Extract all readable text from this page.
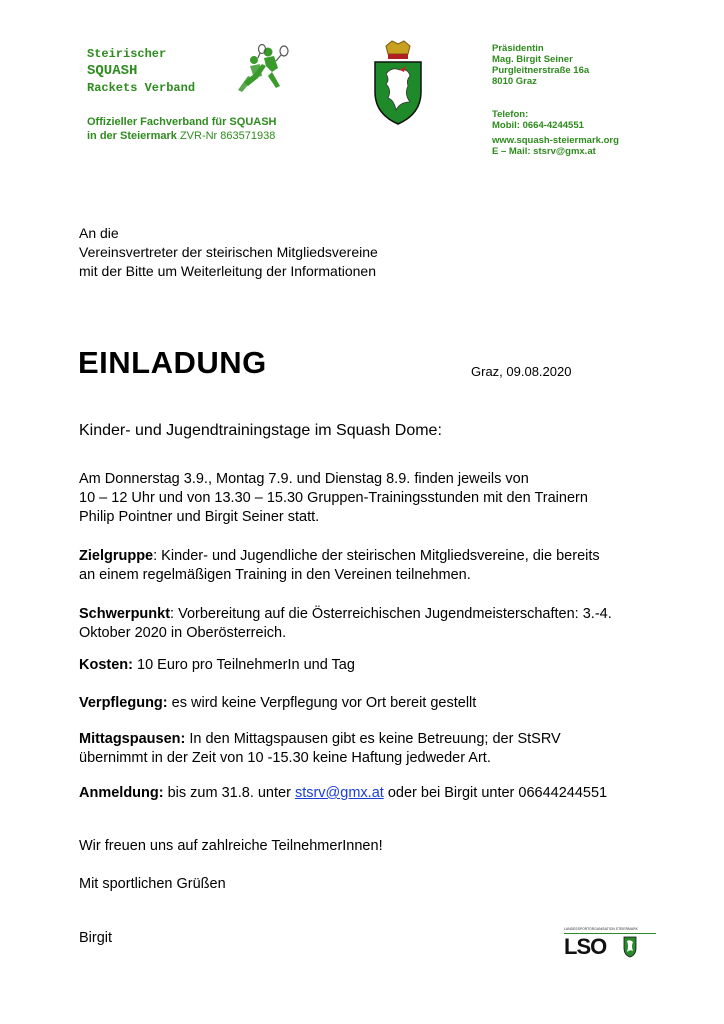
Steirischer
SQUASH
Rackets Verband
Offizieller Fachverband für SQUASH
in der Steiermark ZVR-Nr 863571938
Präsidentin
Mag. Birgit Seiner
Purgleitnerstraße 16a
8010 Graz
Telefon:
Mobil: 0664-4244551
www.squash-steiermark.org
E – Mail: stsrv@gmx.at
An die
Vereinsvertreter der steirischen Mitgliedsvereine
mit der Bitte um Weiterleitung der Informationen
EINLADUNG	Graz, 09.08.2020
Kinder- und Jugendtrainingstage im Squash Dome:
Am Donnerstag 3.9., Montag 7.9. und Dienstag 8.9. finden jeweils von
10 – 12 Uhr und von 13.30 – 15.30 Gruppen-Trainingsstunden mit den Trainern
Philip Pointner und Birgit Seiner statt.
Zielgruppe: Kinder- und Jugendliche der steirischen Mitgliedsvereine, die bereits
an einem regelmäßigen Training in den Vereinen teilnehmen.
Schwerpunkt: Vorbereitung auf die Österreichischen Jugendmeisterschaften: 3.-4.
Oktober 2020 in Oberösterreich.
Kosten: 10 Euro pro TeilnehmerIn und Tag
Verpflegung: es wird keine Verpflegung vor Ort bereit gestellt
Mittagspausen: In den Mittagspausen gibt es keine Betreuung; der StSRV
übernimmt in der Zeit von 10 -15.30 keine Haftung jedweder Art.
Anmeldung: bis zum 31.8. unter stsrv@gmx.at oder bei Birgit unter 06644244551
Wir freuen uns auf zahlreiche TeilnehmerInnen!
Mit sportlichen Grüßen
Birgit
LANDESSPORTORGANISATION STEIERMARK
LSO
